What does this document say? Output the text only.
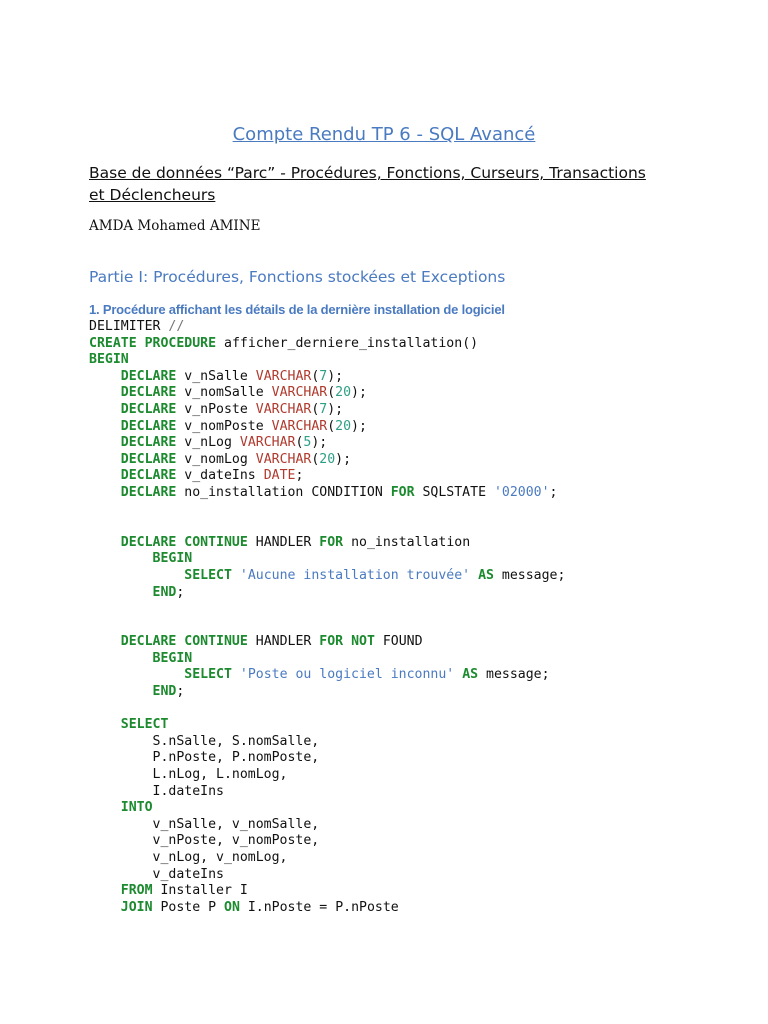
Compte Rendu TP 6 - SQL Avancé
Base de données “Parc” - Procédures, Fonctions, Curseurs, Transactions et Déclencheurs
AMDA Mohamed AMINE
Partie I: Procédures, Fonctions stockées et Exceptions
1. Procédure affichant les détails de la dernière installation de logiciel
DELIMITER //
CREATE PROCEDURE afficher_derniere_installation()
BEGIN
DECLARE v_nSalle VARCHAR(7);
DECLARE v_nomSalle VARCHAR(20);
DECLARE v_nPoste VARCHAR(7);
DECLARE v_nomPoste VARCHAR(20);
DECLARE v_nLog VARCHAR(5);
DECLARE v_nomLog VARCHAR(20);
DECLARE v_dateIns DATE;
DECLARE no_installation CONDITION FOR SQLSTATE '02000';
DECLARE CONTINUE HANDLER FOR no_installation
BEGIN
SELECT 'Aucune installation trouvée' AS message;
END;
DECLARE CONTINUE HANDLER FOR NOT FOUND
BEGIN
SELECT 'Poste ou logiciel inconnu' AS message;
END;
SELECT
S.nSalle, S.nomSalle,
P.nPoste, P.nomPoste,
L.nLog, L.nomLog,
I.dateIns
INTO
v_nSalle, v_nomSalle,
v_nPoste, v_nomPoste,
v_nLog, v_nomLog,
v_dateIns
FROM Installer I
JOIN Poste P ON I.nPoste = P.nPoste
